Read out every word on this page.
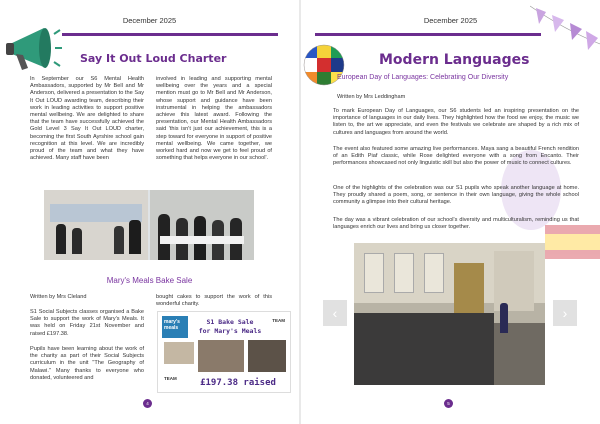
December 2025
Say It Out Loud Charter
In September our S6 Mental Health Ambassadors, supported by Mr Bell and Mr Anderson, delivered a presentation to the Say It Out LOUD awarding team, describing their work in leading activities to support positive mental wellbeing. We are delighted to share that the team have successfully achieved the Gold Level 3 Say It Out LOUD charter, becoming the first South Ayrshire school gain recognition at this level. We are incredibly proud of the team and what they have achieved. Many staff have been
involved in leading and supporting mental wellbeing over the years and a special mention must go to Mr Bell and Mr Anderson, whose support and guidance have been instrumental in helping the ambassadors achieve this latest award. Following the presentation, our Mental Health Ambassadors said 'this isn't just our achievement, this is a step toward for everyone in support of positive mental wellbeing. We came together, we worked hard and now we get to feel proud of something that helps everyone in our school'.
Mary's Meals Bake Sale
Written by Mrs Cleland
S1 Social Subjects classes organised a Bake Sale to support the work of Mary's Meals. It was held on Friday 21st November and raised £197.38.
Pupils have been learning about the work of the charity as part of their Social Subjects curriculum in the unit "The Geography of Malawi." Many thanks to everyone who donated, volunteered and
bought cakes to support the work of this wonderful charity.
mary's meals
TEAM
S1 Bake Sale
for Mary's Meals
TEAM	£197.38 raised
4
December 2025
Modern Languages
European Day of Languages: Celebrating Our Diversity
Written by Mrs Leddingham
To mark European Day of Languages, our S6 students led an inspiring presentation on the importance of languages in our daily lives. They highlighted how the food we enjoy, the music we listen to, the art we appreciate, and even the festivals we celebrate are shaped by a rich mix of cultures and languages from around the world.
The event also featured some amazing live performances. Maya sang a beautiful French rendition of an Edith Piaf classic, while Rose delighted everyone with a song from Encanto. Their performances showcased not only linguistic skill but also the power of music to connect cultures.
One of the highlights of the celebration was our S1 pupils who speak another language at home. They proudly shared a poem, song, or sentence in their own language, giving the whole school community a glimpse into their cultural heritage.
The day was a vibrant celebration of our school's diversity and multiculturalism, reminding us that languages enrich our lives and bring us closer together.
‹	›
5
